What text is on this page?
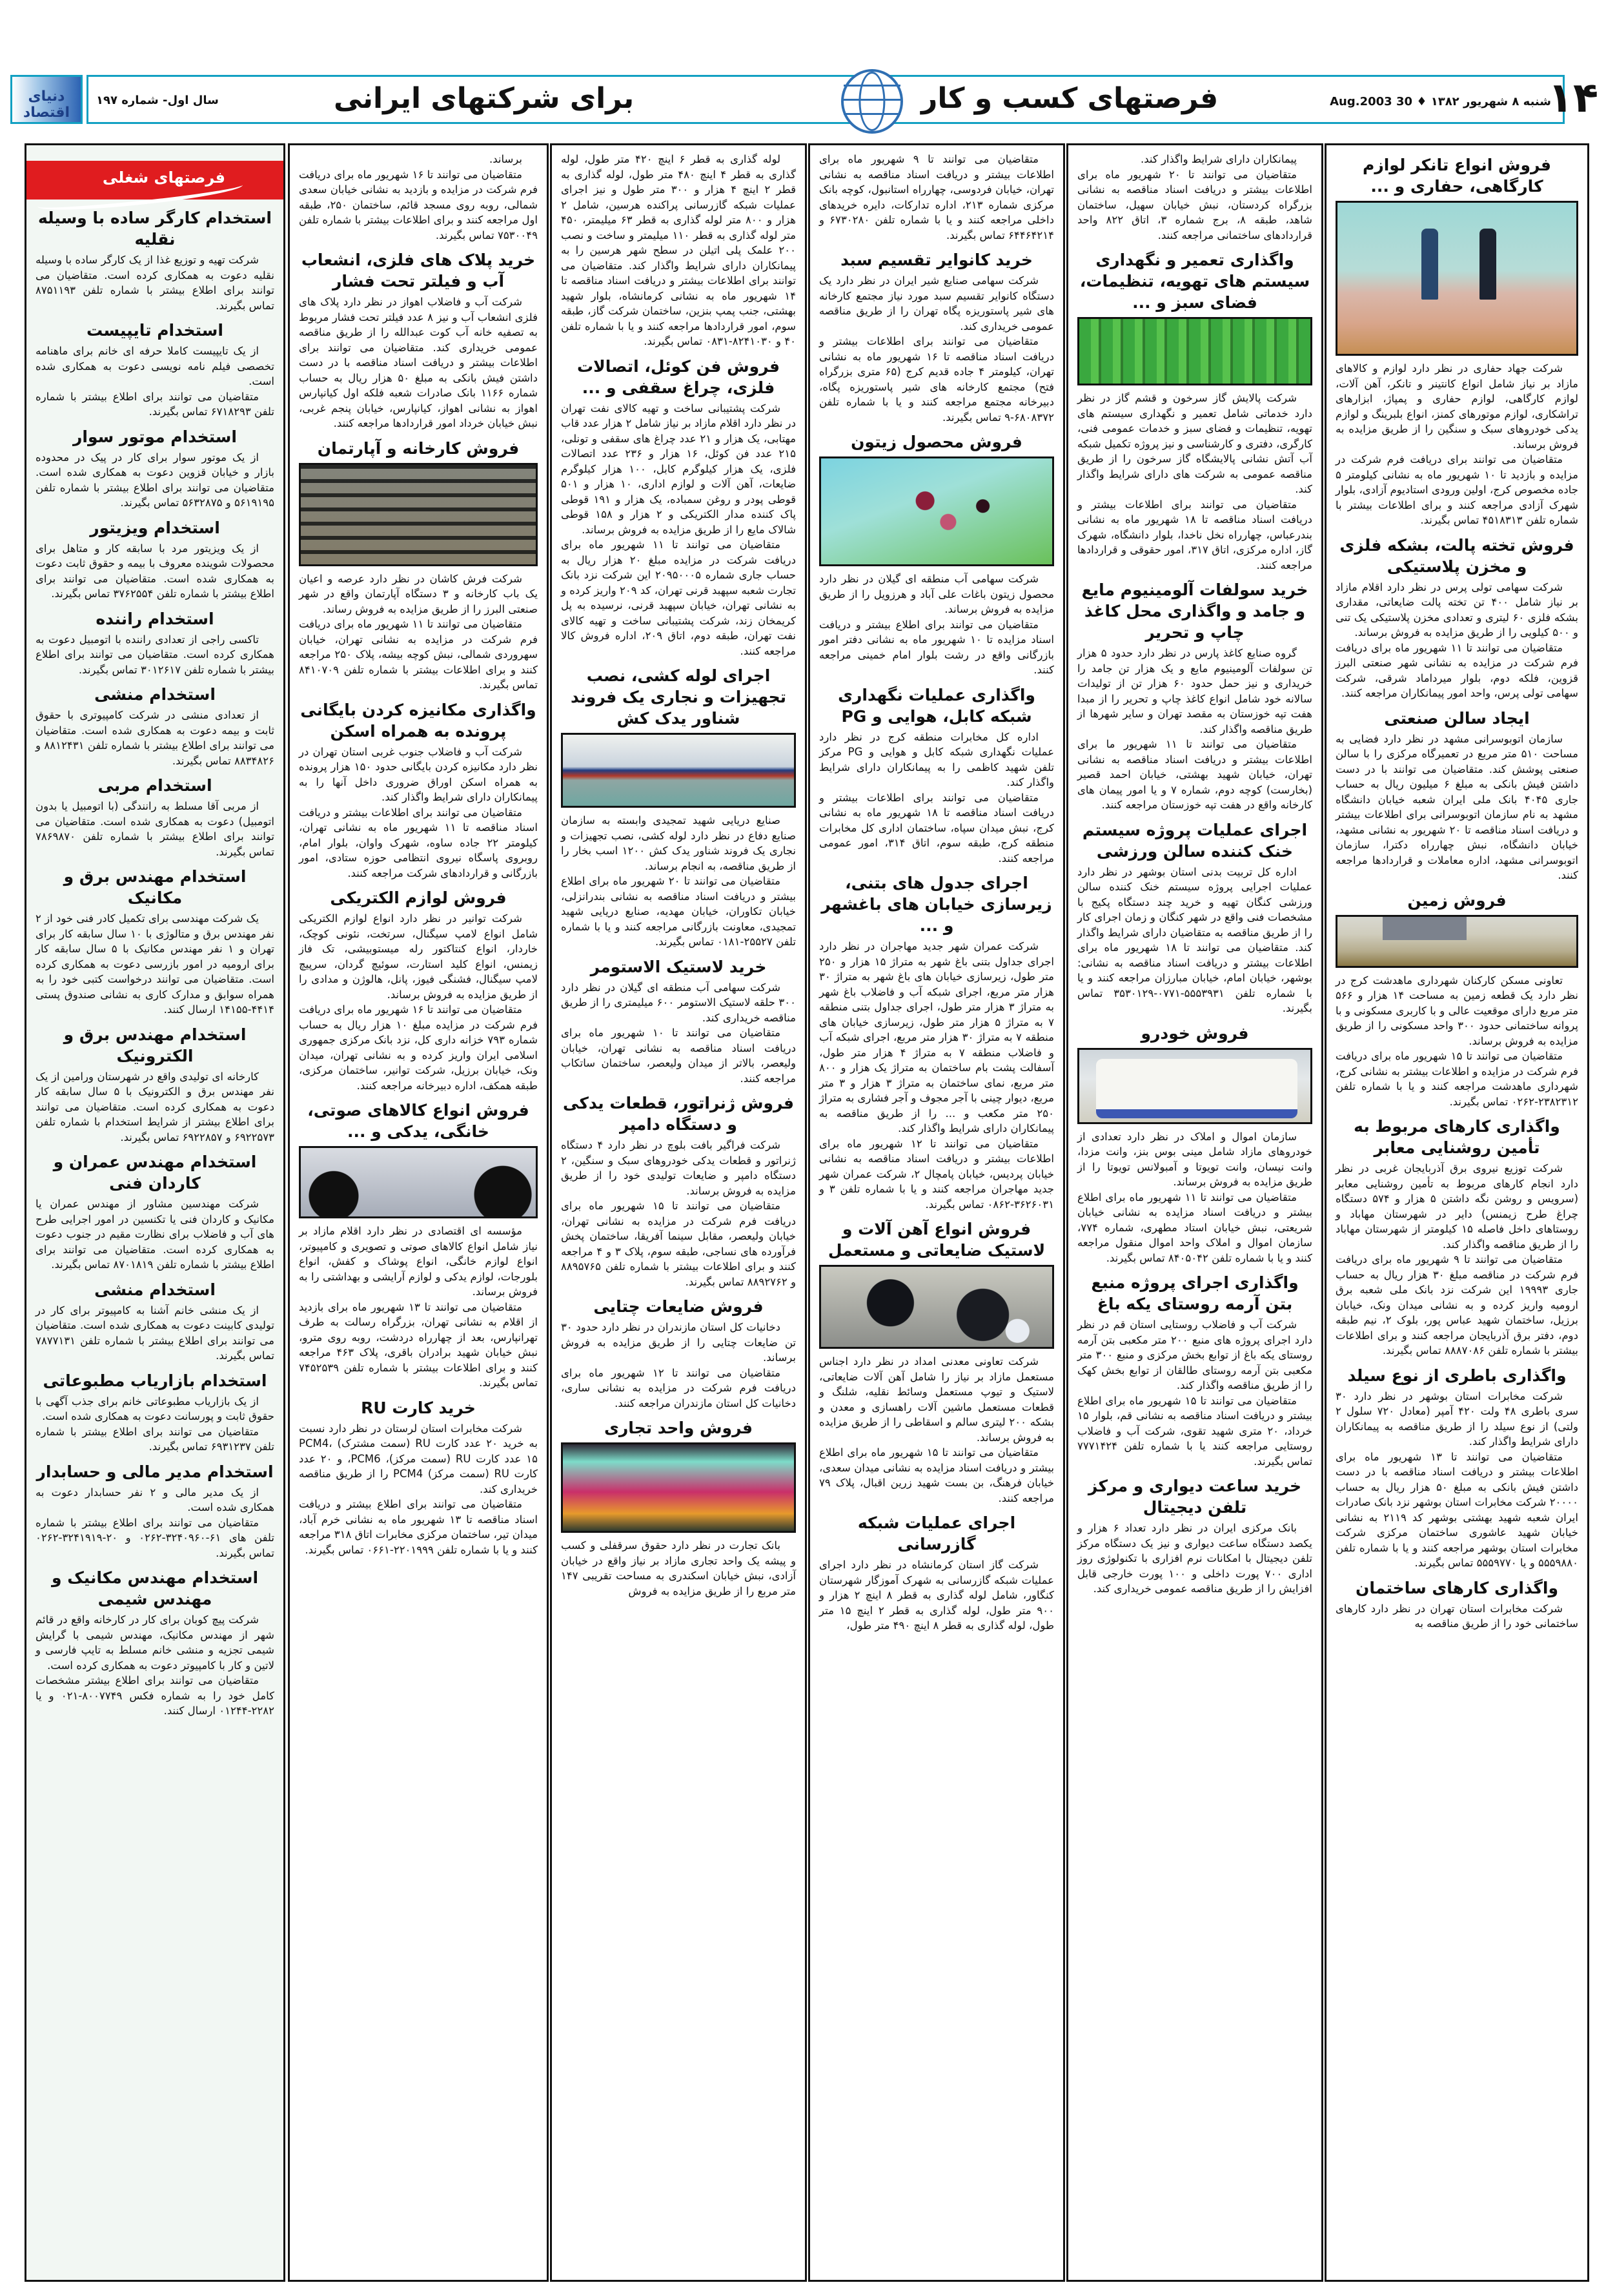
دنیای اقتصاد
سال اول- شماره ۱۹۷	برای شرکتهای ایرانی	فرصتهای کسب و کار	شنبه ۸ شهریور ۱۳۸۲ ♦ 30 Aug.2003
۱۴
فروش انواع تانکر لوازم کارگاهی، حفاری و ...

شرکت جهاد حفاری در نظر دارد لوازم و کالاهای مازاد بر نیاز شامل انواع کانتینر و تانکر، آهن آلات، لوازم کارگاهی، لوازم حفاری و پمپاژ، ابزارهای تراشکاری، لوازم موتورهای کمنز، انواع بلبرینگ و لوازم یدکی خودروهای سبک و سنگین را از طریق مزایده به فروش برساند.

متقاضیان می توانند برای دریافت فرم شرکت در مزایده و بازدید تا ۱۰ شهریور ماه به نشانی کیلومتر ۵ جاده مخصوص کرج، اولین ورودی استادیوم آزادی، بلوار شهرک آزادی مراجعه کنند و برای اطلاعات بیشتر با شماره تلفن ۴۵۱۸۳۱۳ تماس بگیرند.

فروش تخته پالت، بشکه فلزی و مخزن پلاستیکی

شرکت سهامی تولی پرس در نظر دارد اقلام مازاد بر نیاز شامل ۴۰۰ تن تخته پالت ضایعاتی، مقداری بشکه فلزی ۶۰ لیتری و تعدادی مخزن پلاستیکی یک تنی و ۵۰۰ کیلویی را از طریق مزایده به فروش برساند.

متقاضیان می توانند تا ۱۱ شهریور ماه برای دریافت فرم شرکت در مزایده به نشانی شهر صنعتی البرز قزوین، فلکه دوم، بلوار میرداماد شرقی، شرکت سهامی تولی پرس، واحد امور پیمانکاران مراجعه کنند.

ایجاد سالن صنعتی

سازمان اتوبوسرانی مشهد در نظر دارد فضایی به مساحت ۵۱۰ متر مربع در تعمیرگاه مرکزی را با سالن صنعتی پوشش کند. متقاضیان می توانند با در دست داشتن فیش بانکی به مبلغ ۶ میلیون ریال به حساب جاری ۴۰۴۵ بانک ملی ایران شعبه خیابان دانشگاه مشهد به نام سازمان اتوبوسرانی برای اطلاعات بیشتر و دریافت اسناد مناقصه تا ۲۰ شهریور به نشانی مشهد، خیابان دانشگاه، نبش چهارراه دکترا، سازمان اتوبوسرانی مشهد، اداره معاملات و قراردادها مراجعه کنند.

فروش زمین

تعاونی مسکن کارکنان شهرداری ماهدشت کرج در نظر دارد یک قطعه زمین به مساحت ۱۴ هزار و ۵۶۶ متر مربع دارای موقعیت عالی و با کاربری مسکونی و با پروانه ساختمانی حدود ۳۰۰ واحد مسکونی را از طریق مزایده به فروش برساند.

متقاضیان می توانند تا ۱۵ شهریور ماه برای دریافت فرم شرکت در مزایده و اطلاعات بیشتر به نشانی کرج، شهرداری ماهدشت مراجعه کنند و یا با شماره تلفن ۲۳۸۲۳۱۲-۰۲۶۲ تماس بگیرند.

واگذاری کارهای مربوط به تأمین روشنایی معابر

شرکت توزیع نیروی برق آذربایجان غربی در نظر دارد انجام کارهای مربوط به تأمین روشنایی معابر (سرویس و روشن نگه داشتن ۵ هزار و ۵۷۴ دستگاه چراغ طرح زیمنس) دایر در شهرستان مهاباد و روستاهای داخل فاصله ۱۵ کیلومتر از شهرستان مهاباد را از طریق مناقصه واگذار کند.

متقاضیان می توانند تا ۹ شهریور ماه برای دریافت فرم شرکت در مناقصه مبلغ ۳۰ هزار ریال به حساب جاری ۱۹۹۹۳ این شرکت نزد بانک ملی شعبه برق ارومیه واریز کرده و به نشانی میدان ونک، خیابان برزیل، ساختمان شهید عباس پور، بلوک ۲، نیم طبقه دوم، دفتر برق آذربایجان مراجعه کنند و برای اطلاعات بیشتر با شماره تلفن ۸۸۸۷۰۸۶ تماس بگیرند.

واگذاری باطری از نوع سیلد

شرکت مخابرات استان بوشهر در نظر دارد ۳۰ سری باطری ۴۸ ولت ۴۲۰ آمپر (معادل ۷۲۰ سلول ۲ ولتی) از نوع سیلد را از طریق مناقصه به پیمانکاران دارای شرایط واگذار کند.

متقاضیان می توانند تا ۱۳ شهریور ماه برای اطلاعات بیشتر و دریافت اسناد مناقصه با در دست داشتن فیش بانکی به مبلغ ۵۰ هزار ریال به حساب ۲۰۰۰۰ شرکت مخابرات استان بوشهر نزد بانک صادرات ایران شعبه شهید بهشتی بوشهر کد ۲۱۱۹ به نشانی خیابان شهید عاشوری ساختمان مرکزی شرکت مخابرات استان بوشهر مراجعه کنند و یا با شماره تلفن ۵۵۵۹۸۸۰ و یا ۵۵۵۹۷۷۰ تماس بگیرند.

واگذاری کارهای ساختمان

شرکت مخابرات استان تهران در نظر دارد کارهای ساختمانی خود را از طریق مناقصه به

پیمانکاران دارای شرایط واگذار کند.

متقاضیان می توانند تا ۲۰ شهریور ماه برای اطلاعات بیشتر و دریافت اسناد مناقصه به نشانی بزرگراه کردستان، نبش خیابان سهیل، ساختمان شاهد، طبقه ۸، برج شماره ۳، اتاق ۸۲۲ واحد قراردادهای ساختمانی مراجعه کنند.

واگذاری تعمیر و نگهداری سیستم های تهویه، تنظیمات، فضای سبز و ...

شرکت پالایش گاز سرخون و قشم گاز در نظر دارد خدماتی شامل تعمیر و نگهداری سیستم های تهویه، تنظیمات و فضای سبز و خدمات عمومی فنی، کارگری، دفتری و کارشناسی و نیز پروژه تکمیل شبکه آب آتش نشانی پالایشگاه گاز سرخون را از طریق مناقصه عمومی به شرکت های دارای شرایط واگذار کند.

متقاضیان می توانند برای اطلاعات بیشتر و دریافت اسناد مناقصه تا ۱۸ شهریور ماه به نشانی بندرعباس، چهارراه نخل ناخدا، بلوار دانشگاه، شهرک گاز، اداره مرکزی، اتاق ۳۱۷، امور حقوقی و قراردادها مراجعه کنند.

خرید سولفات آلومینیوم مایع و جامد و واگذاری محل کاغذ چاپ و تحریر

گروه صنایع کاغذ پارس در نظر دارد حدود ۵ هزار تن سولفات آلومینیوم مایع و یک هزار تن جامد را خریداری و نیز حمل حدود ۶۰ هزار تن از تولیدات سالانه خود شامل انواع کاغذ چاپ و تحریر را از مبدا هفت تپه خوزستان به مقصد تهران و سایر شهرها از طریق مناقصه واگذار کند.

متقاضیان می توانند تا ۱۱ شهریور ما برای اطلاعات بیشتر و دریافت اسناد مناقصه به نشانی تهران، خیابان شهید بهشتی، خیابان احمد قصیر (بخارست) کوچه دوم، شماره ۷ و یا امور پیمان های کارخانه واقع در هفت تپه خوزستان مراجعه کنند.

اجرای عملیات پروژه سیستم خنک کننده سالن ورزشی

اداره کل تربیت بدنی استان بوشهر در نظر دارد عملیات اجرایی پروژه سیستم خنک کننده سالن ورزشی کنگان تهیه و خرید چند دستگاه پکیج با مشخصات فنی واقع در شهر کنگان و زمان اجرای کار را از طریق مناقصه به متقاضیان دارای شرایط واگذار کند. متقاضیان می توانند تا ۱۸ شهریور ماه برای اطلاعات بیشتر و دریافت اسناد مناقصه به نشانی: بوشهر، خیابان امام، خیابان مبارزان مراجعه کنند و یا با شماره تلفن ۵۵۵۳۹۳۱-۰۷۷۱-۳۵۳۰۱۲۹ تماس بگیرند.

فروش خودرو

سازمان اموال و املاک در نظر دارد تعدادی از خودروهای مازاد شامل مینی بوس بنز، وانت مزدا، وانت نیسان، وانت تویوتا و آمبولانس تویوتا را از طریق مزایده به فروش برساند.

متقاضیان می توانند تا ۱۱ شهریور ماه برای اطلاع بیشتر و دریافت اسناد مزایده به نشانی خیابان شریعتی، نبش خیابان استاد مطهری، شماره ۷۷۴، سازمان اموال و املاک واحد اموال منقول مراجعه کنند و یا با شماره تلفن ۸۴۰۵۰۴۲ تماس بگیرند.

واگذاری اجرای پروژه منبع بتن آرمه روستای یکه باغ

شرکت آب و فاضلاب روستایی استان قم در نظر دارد اجرای پروژه های منبع ۲۰۰ متر مکعبی بتن آرمه روستای یکه باغ از توابع بخش مرکزی و منبع ۳۰۰ متر مکعبی بتن آرمه روستای طالقان از توابع بخش کهک را از طریق مناقصه واگذار کند.

متقاضیان می توانند تا ۱۵ شهریور ماه برای اطلاع بیشتر و دریافت اسناد مناقصه به نشانی قم، بلوار ۱۵ خرداد، ۲۰ متری شهید تقوی، شرکت آب و فاضلاب روستایی مراجعه کنند یا با شماره تلفن ۷۷۷۱۴۲۴ تماس بگیرند.

خرید ساعت دیواری و مرکز تلفن دیجیتال

بانک مرکزی ایران در نظر دارد تعداد ۶ هزار و یکصد دستگاه ساعت دیواری و نیز یک دستگاه مرکز تلفن دیجیتال با امکانات نرم افزاری با تکنولوژی روز اداری ۷۰۰ پورت داخلی و ۱۰۰ پورت خارجی قابل افزایش را از طریق مناقصه عمومی خریداری کند.

متقاضیان می توانند تا ۹ شهریور ماه برای اطلاعات بیشتر و دریافت اسناد مناقصه به نشانی تهران، خیابان فردوسی، چهارراه استانبول، کوچه بانک مرکزی شماره ۲۱۳، اداره تدارکات، دایره خریدهای داخلی مراجعه کنند و یا با شماره تلفن ۶۷۳۰۲۸۰ و ۶۴۴۶۴۲۱۴ تماس بگیرند.

خرید کانوایر تقسیم سبد

شرکت سهامی صنایع شیر ایران در نظر دارد یک دستگاه کانوایر تقسیم سبد مورد نیاز مجتمع کارخانه های شیر پاستوریزه پگاه تهران را از طریق مناقصه عمومی خریداری کند.

متقاضیان می توانند برای اطلاعات بیشتر و دریافت اسناد مناقصه تا ۱۶ شهریور ماه به نشانی تهران، کیلومتر ۴ جاده قدیم کرج (۶۵ متری بزرگراه فتح) مجتمع کارخانه های شیر پاستوریزه پگاه، دبیرخانه مجتمع مراجعه کنند و یا با شماره تلفن ۶۸۰۸۳۷۲-۹ تماس بگیرند.

فروش محصول زیتون

شرکت سهامی آب منطقه ای گیلان در نظر دارد محصول زیتون باغات علی آباد و هرزویل را از طریق مزایده به فروش برساند.

متقاضیان می توانند برای اطلاع بیشتر و دریافت اسناد مزایده تا ۱۰ شهریور ماه به نشانی دفتر امور بازرگانی واقع در رشت بلوار امام خمینی مراجعه کنند.

واگذاری عملیات نگهداری شبکه کابل، هوایی و PG

اداره کل مخابرات منطقه کرج در نظر دارد عملیات نگهداری شبکه کابل و هوایی و PG مرکز تلفن شهید کاظمی را به پیمانکاران دارای شرایط واگذار کند.

متقاضیان می توانند برای اطلاعات بیشتر و دریافت اسناد مناقصه تا ۱۸ شهریور ماه به نشانی کرج، نبش میدان سپاه، ساختمان اداری کل مخابرات منطقه کرج، طبقه سوم، اتاق ۳۱۴، امور عمومی مراجعه کنند.

اجرای جدول های بتنی، زیرسازی خیابان های باغشهر و ...

شرکت عمران شهر جدید مهاجران در نظر دارد اجرای جداول بتنی باغ شهر به متراژ ۱۵ هزار و ۲۵۰ متر طول، زیرسازی خیابان های باغ شهر به متراژ ۳۰ هزار متر مربع، اجرای شبکه آب و فاضلاب باغ شهر به متراژ ۳ هزار متر طول، اجرای جداول بتنی منطقه ۷ به متراژ ۵ هزار متر طول، زیرسازی خیابان های منطقه ۷ به متراژ ۳۰ هزار متر مربع، اجرای شبکه آب و فاضلاب منطقه ۷ به متراژ ۴ هزار متر طول، آسفالت پشت بام ساختمان به متراژ یک هزار و ۸۰۰ متر مربع، نمای ساختمان به متراژ ۳ هزار و ۳ متر مربع، دیوار چینی با آجر مجوف و آجر فشاری به متراژ ۲۵۰ متر مکعب و ... را از طریق مناقصه به پیمانکاران دارای شرایط واگذار کند.

متقاضیان می توانند تا ۱۲ شهریور ماه برای اطلاعات بیشتر و دریافت اسناد مناقصه به نشانی خیابان پردیس، خیابان پامچال ۲، شرکت عمران شهر جدید مهاجران مراجعه کنند و یا با شماره تلفن ۳ و ۳۶۲۶۰۳۱-۰۸۶۲ تماس بگیرند.

فروش انواع آهن آلات و لاستیک ضایعاتی و مستعمل

شرکت تعاونی معدنی امداد در نظر دارد اجناس مستعمل مازاد بر نیاز را شامل آهن آلات ضایعاتی، لاستیک و تیوپ مستعمل وسائط نقلیه، شلنگ و قطعات مستعمل ماشین آلات راهسازی و معدن و بشکه ۲۰۰ لیتری سالم و اسقاطی را از طریق مزایده به فروش برساند.

متقاضیان می توانند تا ۱۵ شهریور ماه برای اطلاع بیشتر و دریافت اسناد مزایده به نشانی میدان سعدی، خیابان فرهنگ، بن بست شهید زرین اقبال، پلاک ۷۹ مراجعه کنند.

اجرای عملیات شبکه گازرسانی

شرکت گاز استان کرمانشاه در نظر دارد اجرای عملیات شبکه گازرسانی به شهرک آموزگار شهرستان کنگاور، شامل لوله گذاری به قطر ۸ اینچ ۲ هزار و ۹۰۰ متر طول، لوله گذاری به قطر ۲ اینچ ۱۵ متر طول، لوله گذاری به قطر ۸ اینچ ۴۹۰ متر طول،

لوله گذاری به قطر ۶ اینچ ۴۲۰ متر طول، لوله گذاری به قطر ۴ اینچ ۴۸۰ متر طول، لوله گذاری به قطر ۲ اینچ ۴ هزار و ۳۰۰ متر طول و نیز اجرای عملیات شبکه گازرسانی پراکنده هرسین، شامل ۲ هزار و ۸۰۰ متر لوله گذاری به قطر ۶۳ میلیمتر، ۴۵۰ متر لوله گذاری به قطر ۱۱۰ میلیمتر و ساخت و نصب ۲۰۰ علمک پلی اتیلن در سطح شهر هرسین را به پیمانکاران دارای شرایط واگذار کند. متقاضیان می توانند برای اطلاعات بیشتر و دریافت اسناد مناقصه تا ۱۴ شهریور ماه به نشانی کرمانشاه، بلوار شهید بهشتی، جنب پمپ بنزین، ساختمان شرکت گاز، طبقه سوم، امور قراردادها مراجعه کنند و یا با شماره تلفن ۴۰ و ۸۲۴۱۰۳۰-۰۸۳۱ تماس بگیرند.

فروش فن کوئل، اتصالات فلزی، چراغ سقفی و ...

شرکت پشتیبانی ساخت و تهیه کالای نفت تهران در نظر دارد اقلام مازاد بر نیاز شامل ۲ هزار عدد قاب مهتابی، یک هزار و ۲۱ عدد چراغ های سقفی و تونلی، ۲۱۵ عدد فن کوئل، ۱۶ هزار و ۲۳۶ عدد اتصالات فلزی، یک هزار کیلوگرم کابل، ۱۰۰ هزار کیلوگرم ضایعات، آهن آلات و لوازم اداری، ۱۰ هزار و ۵۰۱ قوطی پودر و روغن سمباده، یک هزار و ۱۹۱ قوطی پاک کننده مدار الکتریکی و ۲ هزار و ۱۵۸ قوطی شالاک مایع را از طریق مزایده به فروش برساند.

متقاضیان می توانند تا ۱۱ شهریور ماه برای دریافت شرکت در مزایده مبلغ ۲۰ هزار ریال به حساب جاری شماره ۲۰۹۵۰۰۰۵ این شرکت نزد بانک تجارت شعبه سپهبد قرنی تهران، کد ۲۰۹ واریز کرده و به نشانی تهران، خیابان سپهبد قرنی، نرسیده به پل کریمخان زند، شرکت پشتیبانی ساخت و تهیه کالای نفت تهران، طبقه دوم، اتاق ۲۰۹، اداره فروش کالا مراجعه کنند.

اجرای لوله کشی، نصب تجهیزات و نجاری یک فروند شناور یدک کش

صنایع دریایی شهید تمجیدی وابسته به سازمان صنایع دفاع در نظر دارد لوله کشی، نصب تجهیزات و نجاری یک فروند شناور یدک کش ۱۲۰۰ اسب بخار را از طریق مناقصه، به انجام برساند.

متقاضیان می توانند تا ۲۰ شهریور ماه برای اطلاع بیشتر و دریافت اسناد مناقصه به نشانی بندرانزلی، خیابان تکاوران، خیابان مهدیه، صنایع دریایی شهید تمجیدی، معاونت بازرگانی مراجعه کنند و یا با شماره تلفن ۲۵۵۲۷-۰۱۸۱ تماس بگیرند.

خرید لاستیک الاستومر

شرکت سهامی آب منطقه ای گیلان در نظر دارد ۳۰۰ حلقه لاستیک الاستومر ۶۰۰ میلیمتری را از طریق مناقصه خریداری کند.

متقاضیان می توانند تا ۱۰ شهریور ماه برای دریافت اسناد مناقصه به نشانی تهران، خیابان ولیعصر، بالاتر از میدان ولیعصر، ساختمان ساتکاب مراجعه کنند.

فروش ژنراتور، قطعات یدکی و دستگاه دامپر

شرکت فراگیر بافت بلوچ در نظر دارد ۴ دستگاه ژنراتور و قطعات یدکی خودروهای سبک و سنگین، ۲ دستگاه دامپر و ضایعات تولیدی خود را از طریق مزایده به فروش برساند.

متقاضیان می توانند تا ۱۵ شهریور ماه برای دریافت فرم شرکت در مزایده به نشانی تهران، خیابان ولیعصر، مقابل سینما آفریقا، ساختمان پخش فرآورده های نساجی، طبقه سوم، پلاک ۳ و ۴ مراجعه کنند و برای اطلاعات بیشتر با شماره تلفن ۸۸۹۵۷۶۵ و ۸۸۹۲۷۶۲ تماس بگیرند.

فروش ضایعات چتایی

دخانیات کل استان مازندران در نظر دارد حدود ۳۰ تن ضایعات چتایی را از طریق مزایده به فروش برساند.

متقاضیان می توانند تا ۱۲ شهریور ماه برای دریافت فرم شرکت در مزایده به نشانی ساری، دخانیات کل استان مازندران مراجعه کنند.

فروش واحد تجاری

بانک تجارت در نظر دارد حقوق سرقفلی و کسب و پیشه یک واحد تجاری مازاد بر نیاز واقع در خیابان آزادی، نبش خیابان اسکندری به مساحت تقریبی ۱۴۷ متر مربع را از طریق مزایده به فروش

برساند.

متقاضیان می توانند تا ۱۶ شهریور ماه برای دریافت فرم شرکت در مزایده و بازدید به نشانی خیابان سعدی شمالی، روبه روی مسجد قائم، ساختمان ۲۵۰، طبقه اول مراجعه کنند و برای اطلاعات بیشتر با شماره تلفن ۷۵۳۰۰۴۹ تماس بگیرند.

خرید پلاک های فلزی، انشعاب آب و فیلتر تحت فشار

شرکت آب و فاضلاب اهواز در نظر دارد پلاک های فلزی انشعاب آب و نیز ۸ عدد فیلتر تحت فشار مربوط به تصفیه خانه آب کوت عبدالله را از طریق مناقصه عمومی خریداری کند. متقاضیان می توانند برای اطلاعات بیشتر و دریافت اسناد مناقصه با در دست داشتن فیش بانکی به مبلغ ۵۰ هزار ریال به حساب شماره ۱۱۶۶ بانک صادرات شعبه فلکه اول کیانپارس اهواز به نشانی اهواز، کیانپارس، خیابان پنجم غربی، نبش خیابان خرداد امور قراردادها مراجعه کنند.

فروش کارخانه و آپارتمان

شرکت فرش کاشان در نظر دارد عرصه و اعیان یک باب کارخانه و ۳ دستگاه آپارتمان واقع در شهر صنعتی البرز را از طریق مزایده به فروش رساند.

متقاضیان می توانند تا ۱۱ شهریور ماه برای دریافت فرم شرکت در مزایده به نشانی تهران، خیابان سهروردی شمالی، نبش کوچه بیشه، پلاک ۲۵۰ مراجعه کنند و برای اطلاعات بیشتر با شماره تلفن ۸۴۱۰۷۰۹ تماس بگیرند.

واگذاری مکانیزه کردن بایگانی پرونده به همراه اسکن

شرکت آب و فاضلاب جنوب غربی استان تهران در نظر دارد مکانیزه کردن بایگانی حدود ۱۵۰ هزار پرونده به همراه اسکن اوراق ضروری داخل آنها را به پیمانکاران دارای شرایط واگذار کند.

متقاضیان می توانند برای اطلاعات بیشتر و دریافت اسناد مناقصه تا ۱۱ شهریور ماه به نشانی تهران، کیلومتر ۲۲ جاده ساوه، شهرک واوان، بلوار امام، روبروی پاسگاه نیروی انتظامی حوزه ستادی، امور بازرگانی و قراردادهای شرکت مراجعه کنند.

فروش لوازم الکتریکی

شرکت توانیر در نظر دارد انواع لوازم الکتریکی شامل انواع لامپ سیگنال، سرتخت، نئونی کوچک، خاردار، انواع کنتاکتور رله میستوبیشی، تک فاز زیمنس، انواع کلید استارت، سوئیچ گردان، سرپیچ لامپ سیگنال، فشنگی فیوز، پانل، هالوژن و مدادی را از طریق مزایده به فروش برساند.

متقاضیان می توانند تا ۱۶ شهریور ماه برای دریافت فرم شرکت در مزایده مبلغ ۱۰ هزار ریال به حساب شماره ۷۹۳ خزانه داری کل، نزد بانک مرکزی جمهوری اسلامی ایران واریز کرده و به نشانی تهران، میدان ونک، خیابان برزیل، شرکت توانیر، ساختمان مرکزی، طبقه همکف، اداره دبیرخانه مراجعه کنند.

فروش انواع کالاهای صوتی، خانگی، یدکی و ...

مؤسسه ای اقتصادی در نظر دارد اقلام مازاد بر نیاز شامل انواع کالاهای صوتی و تصویری و کامپیوتر، انواع لوازم خانگی، انواع پوشاک و کفش، انواع بلورجات، لوازم یدکی و لوازم آرایشی و بهداشتی را به فروش برساند.

متقاضیان می توانند تا ۱۳ شهریور ماه برای بازدید از اقلام به نشانی تهران، بزرگراه رسالت به طرف تهرانپارس، بعد از چهارراه دردشت، روبه روی مترو، نبش خیابان شهید برادران باقری، پلاک ۴۶۳ مراجعه کنند و برای اطلاعات بیشتر با شماره تلفن ۷۴۵۲۵۳۹ تماس بگیرند.

خرید کارت RU

شرکت مخابرات استان لرستان در نظر دارد نسبت به خرید ۲۰ عدد کارت RU (سمت مشترک) PCM4، ۱۵ عدد کارت RU (سمت مرکز)، PCM6، و ۲۰ عدد کارت RU (سمت مرکز) PCM4 را از طریق مناقصه خریداری کند.

متقاضیان می توانند برای اطلاع بیشتر و دریافت اسناد مناقصه تا ۱۳ شهریور ماه به نشانی خرم آباد، میدان تیر، ساختمان مرکزی مخابرات اتاق ۳۱۸ مراجعه کنند و یا با شماره تلفن ۲۲۰۱۹۹۹-۰۶۶۱ تماس بگیرند.

فرصتهای شغلی
استخدام کارگر ساده با وسیله نقلیه

شرکت تهیه و توزیع غذا از یک کارگر ساده با وسیله نقلیه دعوت به همکاری کرده است. متقاضیان می توانند برای اطلاع بیشتر با شماره تلفن ۸۷۵۱۱۹۳ تماس بگیرند.

استخدام تایپیست

از یک تایپیست کاملا حرفه ای خانم برای ماهنامه تخصصی فیلم نامه نویسی دعوت به همکاری شده است.

متقاضیان می توانند برای اطلاع بیشتر با شماره تلفن ۶۷۱۸۲۹۳ تماس بگیرند.

استخدام موتور سوار

از یک موتور سوار برای کار در پیک در محدوده بازار و خیابان قزوین دعوت به همکاری شده است. متقاضیان می توانند برای اطلاع بیشتر با شماره تلفن ۵۶۱۹۱۹۵ و ۵۶۳۲۸۷۵ تماس بگیرند.

استخدام ویزیتور

از یک ویزیتور مرد با سابقه کار و متاهل برای محصولات شوینده معروف با بیمه و حقوق ثابت دعوت به همکاری شده است. متقاضیان می توانند برای اطلاع بیشتر با شماره تلفن ۳۷۶۲۵۵۴ تماس بگیرند.

استخدام راننده

تاکسی راجی از تعدادی راننده با اتومبیل دعوت به همکاری کرده است. متقاضیان می توانند برای اطلاع بیشتر با شماره تلفن ۳۰۱۲۶۱۷ تماس بگیرند.

استخدام منشی

از تعدادی منشی در شرکت کامپیوتری با حقوق ثابت و بیمه دعوت به همکاری شده است. متقاضیان می توانند برای اطلاع بیشتر با شماره تلفن ۸۸۱۲۴۳۱ و ۸۸۳۴۸۲۶ تماس بگیرند.

استخدام مربی

از مربی آقا مسلط به رانندگی (با اتومبیل یا بدون اتومبیل) دعوت به همکاری شده است. متقاضیان می توانند برای اطلاع بیشتر با شماره تلفن ۷۸۶۹۸۷۰ تماس بگیرند.

استخدام مهندس برق و مکانیک

یک شرکت مهندسی برای تکمیل کادر فنی خود از ۲ نفر مهندس برق و متالوژی با ۱۰ سال سابقه کار برای تهران و ۱ نفر مهندس مکانیک با ۵ سال سابقه کار برای ارومیه در امور بازرسی دعوت به همکاری کرده است. متقاضیان می توانند درخواست کتبی خود را به همراه سوابق و مدارک کاری به نشانی صندوق پستی ۴۴۱۴-۱۴۱۵۵ ارسال کنند.

استخدام مهندس برق و الکترونیک

کارخانه ای تولیدی واقع در شهرستان ورامین از یک نفر مهندس برق و الکترونیک با ۵ سال سابقه کار دعوت به همکاری کرده است. متقاضیان می توانند برای اطلاع بیشتر از شرایط استخدام با شماره تلفن ۶۹۲۲۵۷۳ و ۶۹۲۲۸۵۷ تماس بگیرند.

استخدام مهندس عمران و کاردان فنی

شرکت مهندسین مشاور از مهندس عمران یا مکانیک و کاردان فنی یا تکنسین در امور اجرایی طرح های آب و فاضلاب برای نظارت مقیم در جنوب دعوت به همکاری کرده است. متقاضیان می توانند برای اطلاع بیشتر با شماره تلفن ۸۷۰۱۸۱۹ تماس بگیرند.

استخدام منشی

از یک منشی خانم آشنا به کامپیوتر برای کار در تولیدی کابینت دعوت به همکاری شده است. متقاضیان می توانند برای اطلاع بیشتر با شماره تلفن ۷۸۷۷۱۳۱ تماس بگیرند.

استخدام بازاریاب مطبوعاتی

از یک بازاریاب مطبوعاتی خانم برای جذب آگهی با حقوق ثابت و پورسانت دعوت به همکاری شده است.

متقاضیان می توانند برای اطلاع بیشتر با شماره تلفن ۶۹۳۱۲۳۷ تماس بگیرند.

استخدام مدیر مالی و حسابدار

از یک مدیر مالی و ۲ نفر حسابدار دعوت به همکاری شده است.

متقاضیان می توانند برای اطلاع بیشتر با شماره تلفن های ۶۱-۳۲۴۰۹۶۰-۰۲۶۲ و ۲۰-۳۲۴۱۹۱۹-۰۲۶۲ تماس بگیرند.

استخدام مهندس مکانیک و مهندس شیمی

شرکت پیچ کوبان برای کار در کارخانه واقع در قائم شهر از مهندس مکانیک، مهندس شیمی با گرایش شیمی تجزیه و منشی خانم مسلط به تایپ فارسی و لاتین و کار با کامپیوتر دعوت به همکاری کرده است.

متقاضیان می توانند برای اطلاع بیشتر مشخصات کامل خود را به شماره فکس ۸۰۰۷۷۴۹-۰۲۱ و یا ۲۲۸۲-۰۱۲۴۴ ارسال کنند.
